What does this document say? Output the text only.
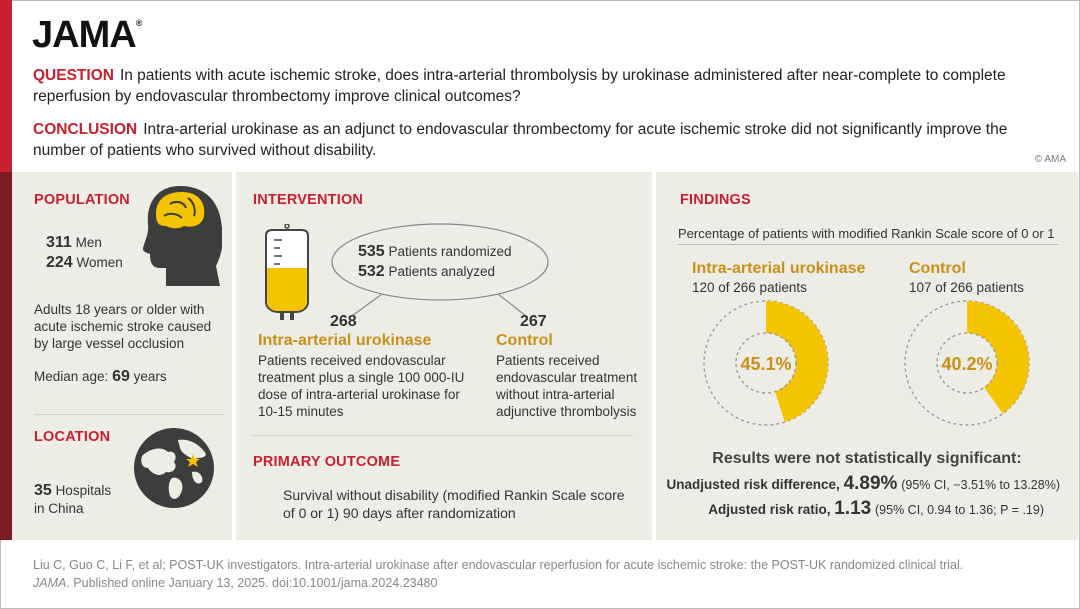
JAMA®
QUESTION In patients with acute ischemic stroke, does intra-arterial thrombolysis by urokinase administered after near-complete to complete reperfusion by endovascular thrombectomy improve clinical outcomes?
CONCLUSION Intra-arterial urokinase as an adjunct to endovascular thrombectomy for acute ischemic stroke did not significantly improve the number of patients who survived without disability.
© AMA
POPULATION
311 Men
224 Women
Adults 18 years or older with acute ischemic stroke caused by large vessel occlusion
Median age: 69 years
LOCATION
35 Hospitals
in China
INTERVENTION
535 Patients randomized
532 Patients analyzed
268
Intra-arterial urokinase
Patients received endovascular treatment plus a single 100 000-IU dose of intra-arterial urokinase for 10-15 minutes
267
Control
Patients received endovascular treatment without intra-arterial adjunctive thrombolysis
PRIMARY OUTCOME
Survival without disability (modified Rankin Scale score of 0 or 1) 90 days after randomization
FINDINGS
Percentage of patients with modified Rankin Scale score of 0 or 1
Intra-arterial urokinase
120 of 266 patients
Control
107 of 266 patients
45.1%	40.2%
Results were not statistically significant:
Unadjusted risk difference, 4.89% (95% CI, −3.51% to 13.28%)
Adjusted risk ratio, 1.13 (95% CI, 0.94 to 1.36; P = .19)
Liu C, Guo C, Li F, et al; POST-UK investigators. Intra-arterial urokinase after endovascular reperfusion for acute ischemic stroke: the POST-UK randomized clinical trial.
JAMA. Published online January 13, 2025. doi:10.1001/jama.2024.23480
